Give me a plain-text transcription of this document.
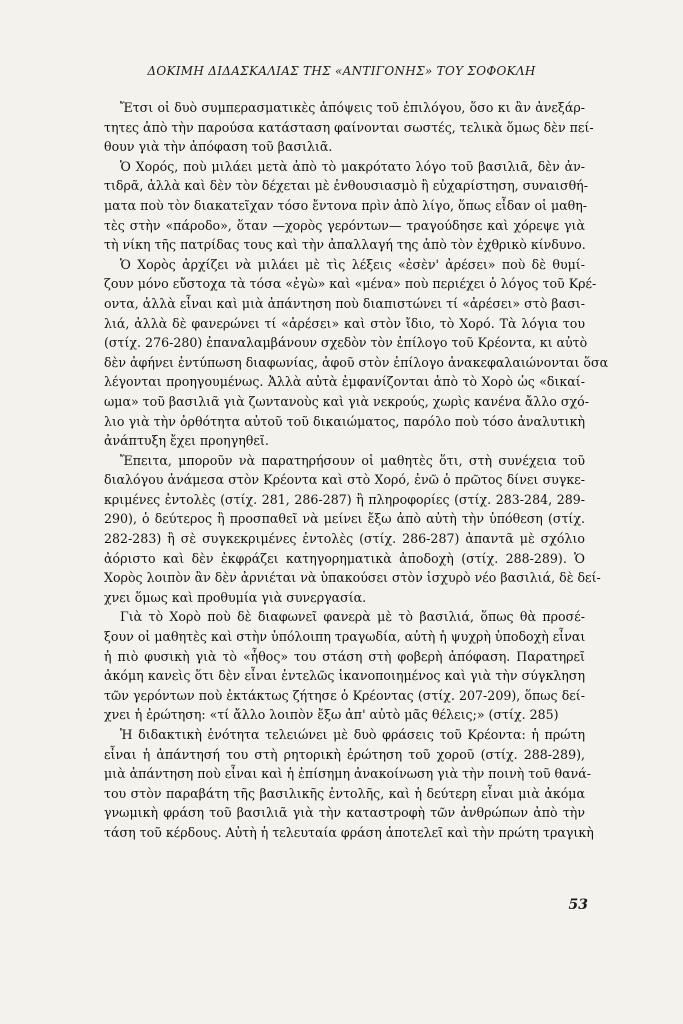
ΔΟΚΙΜΗ ΔΙΔΑΣΚΑΛΙΑΣ ΤΗΣ «ΑΝΤΙΓΟΝΗΣ» ΤΟΥ ΣΟΦΟΚΛΗ
Ἔτσι οἱ δυὸ συμπερασματικὲς ἀπόψεις τοῦ ἐπιλόγου, ὅσο κι ἂν ἀνεξάρ-
τητες ἀπὸ τὴν παρούσα κατάσταση φαίνονται σωστές, τελικὰ ὅμως δὲν πεί-
θουν γιὰ τὴν ἀπόφαση τοῦ βασιλιᾶ.
Ὁ Χορός, ποὺ μιλάει μετὰ ἀπὸ τὸ μακρότατο λόγο τοῦ βασιλιᾶ, δὲν ἀν-
τιδρᾶ, ἀλλὰ καὶ δὲν τὸν δέχεται μὲ ἐνθουσιασμὸ ἢ εὐχαρίστηση, συναισθή-
ματα ποὺ τὸν διακατεῖχαν τόσο ἔντονα πρὶν ἀπὸ λίγο, ὅπως εἶδαν οἱ μαθη-
τὲς στὴν «πάροδο», ὅταν —χορὸς γερόντων— τραγούδησε καὶ χόρεψε γιὰ
τὴ νίκη τῆς πατρίδας τους καὶ τὴν ἀπαλλαγή της ἀπὸ τὸν ἐχθρικὸ κίνδυνο.
Ὁ Χορὸς ἀρχίζει νὰ μιλάει μὲ τὶς λέξεις «ἐσὲν' ἀρέσει» ποὺ δὲ θυμί-
ζουν μόνο εὔστοχα τὰ τόσα «ἐγὼ» καὶ «μένα» ποὺ περιέχει ὁ λόγος τοῦ Κρέ-
οντα, ἀλλὰ εἶναι καὶ μιὰ ἀπάντηση ποὺ διαπιστώνει τί «ἀρέσει» στὸ βασι-
λιά, ἀλλὰ δὲ φανερώνει τί «ἀρέσει» καὶ στὸν ἴδιο, τὸ Χορό. Τὰ λόγια του
(στίχ. 276-280) ἐπαναλαμβάνουν σχεδὸν τὸν ἐπίλογο τοῦ Κρέοντα, κι αὐτὸ
δὲν ἀφήνει ἐντύπωση διαφωνίας, ἀφοῦ στὸν ἐπίλογο ἀνακεφαλαιώνονται ὅσα
λέγονται προηγουμένως. Ἀλλὰ αὐτὰ ἐμφανίζονται ἀπὸ τὸ Χορὸ ὡς «δικαί-
ωμα» τοῦ βασιλιᾶ γιὰ ζωντανοὺς καὶ γιὰ νεκρούς, χωρὶς κανένα ἄλλο σχό-
λιο γιὰ τὴν ὀρθότητα αὐτοῦ τοῦ δικαιώματος, παρόλο ποὺ τόσο ἀναλυτικὴ
ἀνάπτυξη ἔχει προηγηθεῖ.
Ἔπειτα, μποροῦν νὰ παρατηρήσουν οἱ μαθητὲς ὅτι, στὴ συνέχεια τοῦ
διαλόγου ἀνάμεσα στὸν Κρέοντα καὶ στὸ Χορό, ἐνῶ ὁ πρῶτος δίνει συγκε-
κριμένες ἐντολὲς (στίχ. 281, 286-287) ἢ πληροφορίες (στίχ. 283-284, 289-
290), ὁ δεύτερος ἢ προσπαθεῖ νὰ μείνει ἔξω ἀπὸ αὐτὴ τὴν ὑπόθεση (στίχ.
282-283) ἢ σὲ συγκεκριμένες ἐντολὲς (στίχ. 286-287) ἀπαντᾶ μὲ σχόλιο
ἀόριστο καὶ δὲν ἐκφράζει κατηγορηματικὰ ἀποδοχὴ (στίχ. 288-289). Ὁ
Χορὸς λοιπὸν ἂν δὲν ἀρνιέται νὰ ὑπακούσει στὸν ἰσχυρὸ νέο βασιλιά, δὲ δεί-
χνει ὅμως καὶ προθυμία γιὰ συνεργασία.
Γιὰ τὸ Χορὸ ποὺ δὲ διαφωνεῖ φανερὰ μὲ τὸ βασιλιά, ὅπως θὰ προσέ-
ξουν οἱ μαθητὲς καὶ στὴν ὑπόλοιπη τραγωδία, αὐτὴ ἡ ψυχρὴ ὑποδοχὴ εἶναι
ἡ πιὸ φυσικὴ γιὰ τὸ «ἦθος» του στάση στὴ φοβερὴ ἀπόφαση. Παρατηρεῖ
ἀκόμη κανεὶς ὅτι δὲν εἶναι ἐντελῶς ἱκανοποιημένος καὶ γιὰ τὴν σύγκληση
τῶν γερόντων ποὺ ἐκτάκτως ζήτησε ὁ Κρέοντας (στίχ. 207-209), ὅπως δεί-
χνει ἡ ἐρώτηση: «τί ἄλλο λοιπὸν ἔξω ἀπ' αὐτὸ μᾶς θέλεις;» (στίχ. 285)
Ἡ διδακτικὴ ἑνότητα τελειώνει μὲ δυὸ φράσεις τοῦ Κρέοντα: ἡ πρώτη
εἶναι ἡ ἀπάντησή του στὴ ρητορικὴ ἐρώτηση τοῦ χοροῦ (στίχ. 288-289),
μιὰ ἀπάντηση ποὺ εἶναι καὶ ἡ ἐπίσημη ἀνακοίνωση γιὰ τὴν ποινὴ τοῦ θανά-
του στὸν παραβάτη τῆς βασιλικῆς ἐντολῆς, καὶ ἡ δεύτερη εἶναι μιὰ ἀκόμα
γνωμικὴ φράση τοῦ βασιλιᾶ γιὰ τὴν καταστροφὴ τῶν ἀνθρώπων ἀπὸ τὴν
τάση τοῦ κέρδους. Αὐτὴ ἡ τελευταία φράση ἀποτελεῖ καὶ τὴν πρώτη τραγικὴ
53
